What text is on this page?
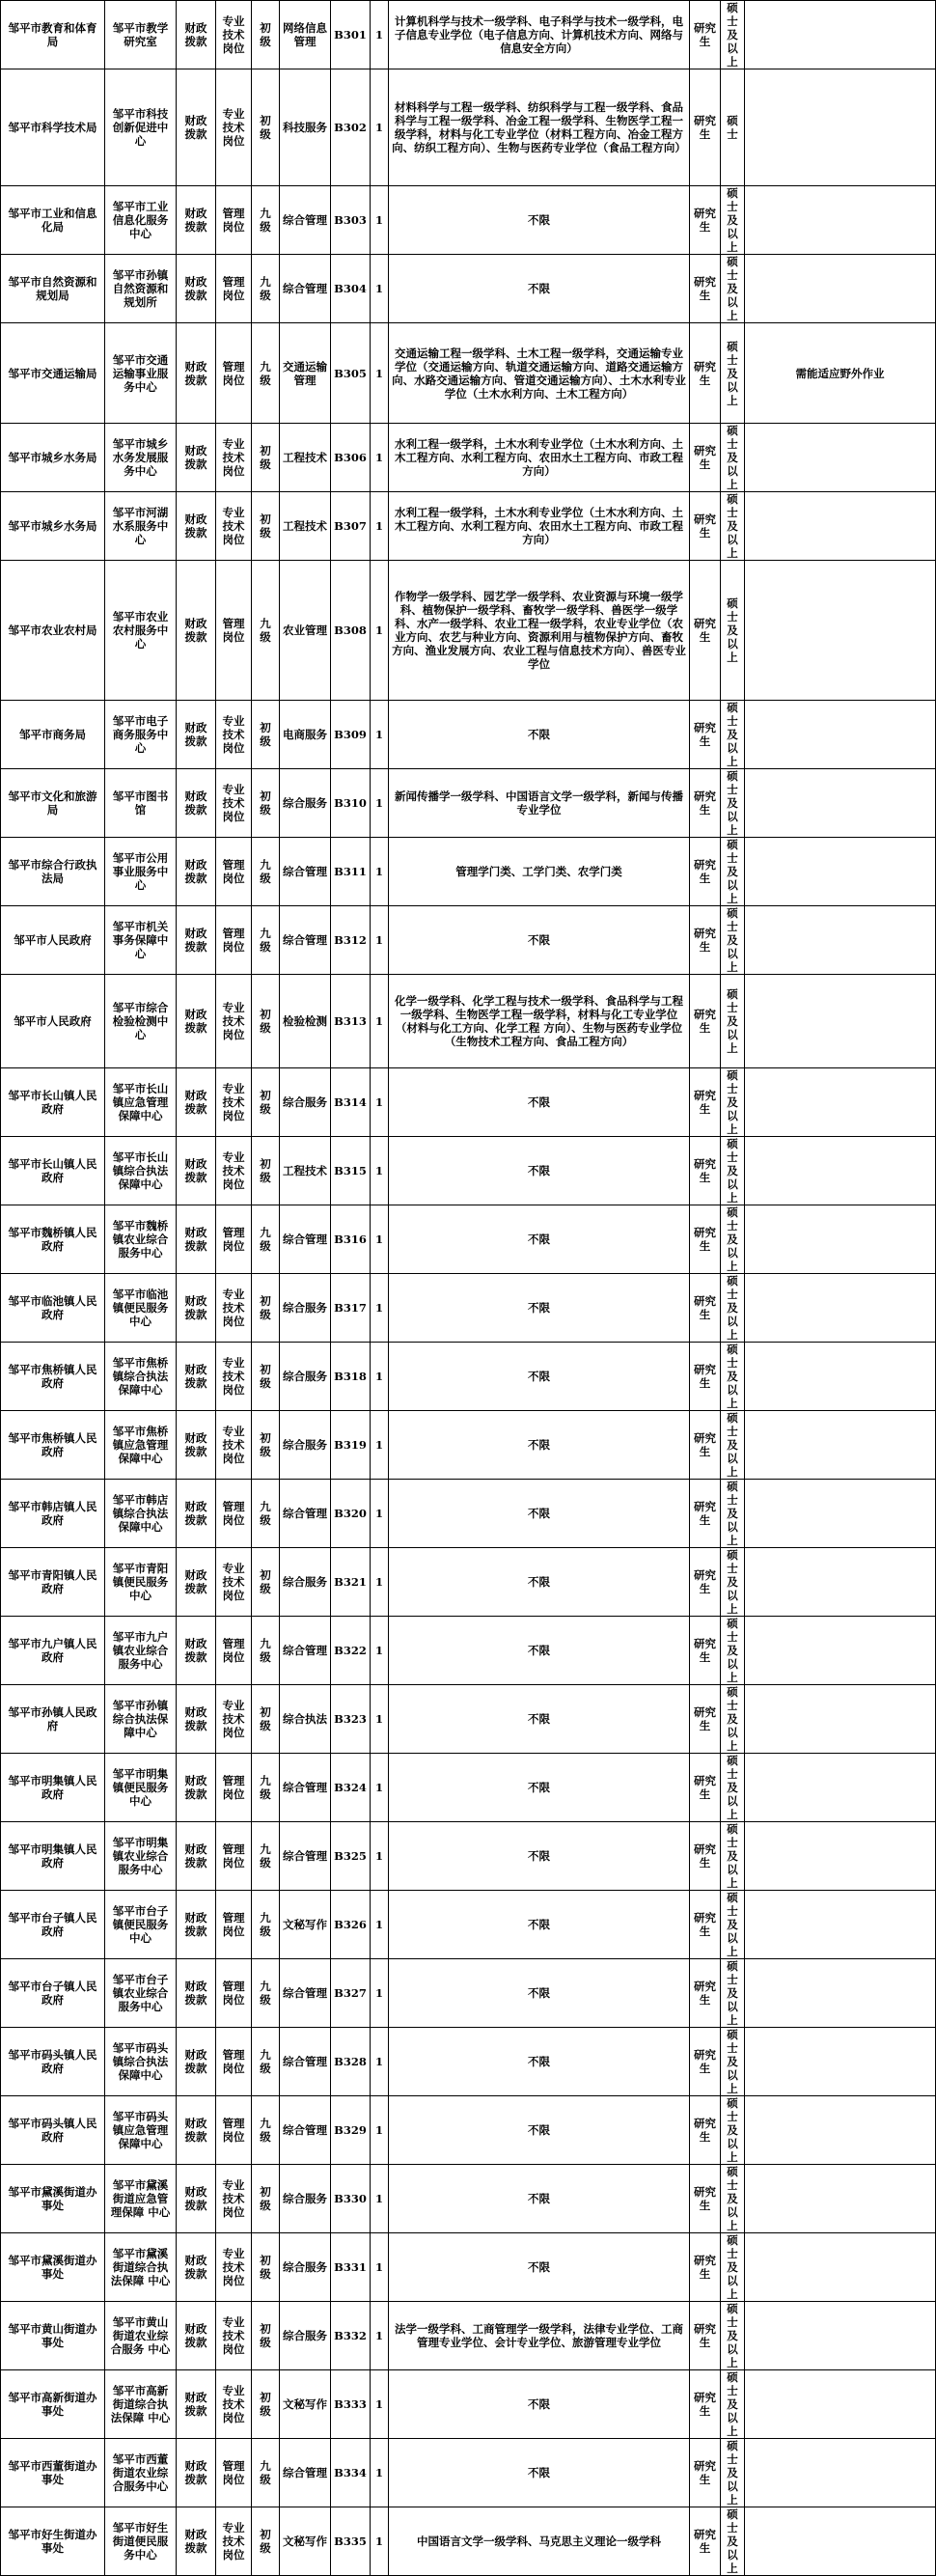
邹平市教育和体育局	邹平市教学研究室	财政拨款	专业技术岗位	初级	网络信息管理	B301	1	计算机科学与技术一级学科、电子科学与技术一级学科，电子信息专业学位（电子信息方向、计算机技术方向、网络与信息安全方向）	研究生	硕士及以上	
邹平市科学技术局	邹平市科技创新促进中心	财政拨款	专业技术岗位	初级	科技服务	B302	1	材料科学与工程一级学科、纺织科学与工程一级学科、食品科学与工程一级学科、冶金工程一级学科、生物医学工程一级学科，材料与化工专业学位（材料工程方向、冶金工程方向、纺织工程方向）、生物与医药专业学位（食品工程方向）	研究生	硕士	
邹平市工业和信息化局	邹平市工业信息化服务中心	财政拨款	管理岗位	九级	综合管理	B303	1	不限	研究生	硕士及以上	
邹平市自然资源和规划局	邹平市孙镇自然资源和规划所	财政拨款	管理岗位	九级	综合管理	B304	1	不限	研究生	硕士及以上	
邹平市交通运输局	邹平市交通运输事业服务中心	财政拨款	管理岗位	九级	交通运输管理	B305	1	交通运输工程一级学科、土木工程一级学科，交通运输专业学位（交通运输方向、轨道交通运输方向、道路交通运输方向、水路交通运输方向、管道交通运输方向）、土木水利专业学位（土木水利方向、土木工程方向）	研究生	硕士及以上	需能适应野外作业
邹平市城乡水务局	邹平市城乡水务发展服务中心	财政拨款	专业技术岗位	初级	工程技术	B306	1	水利工程一级学科，土木水利专业学位（土木水利方向、土木工程方向、水利工程方向、农田水土工程方向、市政工程方向）	研究生	硕士及以上	
邹平市城乡水务局	邹平市河湖水系服务中心	财政拨款	专业技术岗位	初级	工程技术	B307	1	水利工程一级学科，土木水利专业学位（土木水利方向、土木工程方向、水利工程方向、农田水土工程方向、市政工程方向）	研究生	硕士及以上	
邹平市农业农村局	邹平市农业农村服务中心	财政拨款	管理岗位	九级	农业管理	B308	1	作物学一级学科、园艺学一级学科、农业资源与环境一级学科、植物保护一级学科、畜牧学一级学科、兽医学一级学科、水产一级学科、农业工程一级学科，农业专业学位（农业方向、农艺与种业方向、资源利用与植物保护方向、畜牧方向、渔业发展方向、农业工程与信息技术方向）、兽医专业学位	研究生	硕士及以上	
邹平市商务局	邹平市电子商务服务中心	财政拨款	专业技术岗位	初级	电商服务	B309	1	不限	研究生	硕士及以上	
邹平市文化和旅游局	邹平市图书馆	财政拨款	专业技术岗位	初级	综合服务	B310	1	新闻传播学一级学科、中国语言文学一级学科，新闻与传播专业学位	研究生	硕士及以上	
邹平市综合行政执法局	邹平市公用事业服务中心	财政拨款	管理岗位	九级	综合管理	B311	1	管理学门类、工学门类、农学门类	研究生	硕士及以上	
邹平市人民政府	邹平市机关事务保障中心	财政拨款	管理岗位	九级	综合管理	B312	1	不限	研究生	硕士及以上	
邹平市人民政府	邹平市综合检验检测中心	财政拨款	专业技术岗位	初级	检验检测	B313	1	化学一级学科、化学工程与技术一级学科、食品科学与工程一级学科、生物医学工程一级学科，材料与化工专业学位（材料与化工方向、化学工程 方向）、生物与医药专业学位（生物技术工程方向、食品工程方向）	研究生	硕士及以上	
邹平市长山镇人民政府	邹平市长山镇应急管理保障中心	财政拨款	专业技术岗位	初级	综合服务	B314	1	不限	研究生	硕士及以上	
邹平市长山镇人民政府	邹平市长山镇综合执法保障中心	财政拨款	专业技术岗位	初级	工程技术	B315	1	不限	研究生	硕士及以上	
邹平市魏桥镇人民政府	邹平市魏桥镇农业综合服务中心	财政拨款	管理岗位	九级	综合管理	B316	1	不限	研究生	硕士及以上	
邹平市临池镇人民政府	邹平市临池镇便民服务中心	财政拨款	专业技术岗位	初级	综合服务	B317	1	不限	研究生	硕士及以上	
邹平市焦桥镇人民政府	邹平市焦桥镇综合执法保障中心	财政拨款	专业技术岗位	初级	综合服务	B318	1	不限	研究生	硕士及以上	
邹平市焦桥镇人民政府	邹平市焦桥镇应急管理保障中心	财政拨款	专业技术岗位	初级	综合服务	B319	1	不限	研究生	硕士及以上	
邹平市韩店镇人民政府	邹平市韩店镇综合执法保障中心	财政拨款	管理岗位	九级	综合管理	B320	1	不限	研究生	硕士及以上	
邹平市青阳镇人民政府	邹平市青阳镇便民服务中心	财政拨款	专业技术岗位	初级	综合服务	B321	1	不限	研究生	硕士及以上	
邹平市九户镇人民政府	邹平市九户镇农业综合服务中心	财政拨款	管理岗位	九级	综合管理	B322	1	不限	研究生	硕士及以上	
邹平市孙镇人民政府	邹平市孙镇综合执法保障中心	财政拨款	专业技术岗位	初级	综合执法	B323	1	不限	研究生	硕士及以上	
邹平市明集镇人民政府	邹平市明集镇便民服务中心	财政拨款	管理岗位	九级	综合管理	B324	1	不限	研究生	硕士及以上	
邹平市明集镇人民政府	邹平市明集镇农业综合服务中心	财政拨款	管理岗位	九级	综合管理	B325	1	不限	研究生	硕士及以上	
邹平市台子镇人民政府	邹平市台子镇便民服务中心	财政拨款	管理岗位	九级	文秘写作	B326	1	不限	研究生	硕士及以上	
邹平市台子镇人民政府	邹平市台子镇农业综合服务中心	财政拨款	管理岗位	九级	综合管理	B327	1	不限	研究生	硕士及以上	
邹平市码头镇人民政府	邹平市码头镇综合执法保障中心	财政拨款	管理岗位	九级	综合管理	B328	1	不限	研究生	硕士及以上	
邹平市码头镇人民政府	邹平市码头镇应急管理保障中心	财政拨款	管理岗位	九级	综合管理	B329	1	不限	研究生	硕士及以上	
邹平市黛溪街道办事处	邹平市黛溪街道应急管理保障 中心	财政拨款	专业技术岗位	初级	综合服务	B330	1	不限	研究生	硕士及以上	
邹平市黛溪街道办事处	邹平市黛溪街道综合执法保障 中心	财政拨款	专业技术岗位	初级	综合服务	B331	1	不限	研究生	硕士及以上	
邹平市黄山街道办事处	邹平市黄山街道农业综合服务 中心	财政拨款	专业技术岗位	初级	综合服务	B332	1	法学一级学科、工商管理学一级学科，法律专业学位、工商管理专业学位、会计专业学位、旅游管理专业学位	研究生	硕士及以上	
邹平市高新街道办事处	邹平市高新街道综合执法保障 中心	财政拨款	专业技术岗位	初级	文秘写作	B333	1	不限	研究生	硕士及以上	
邹平市西董街道办事处	邹平市西董街道农业综合服务中心	财政拨款	管理岗位	九级	综合管理	B334	1	不限	研究生	硕士及以上	
邹平市好生街道办事处	邹平市好生街道便民服务中心	财政拨款	专业技术岗位	初级	文秘写作	B335	1	中国语言文学一级学科、马克思主义理论一级学科	研究生	硕士及以上	
